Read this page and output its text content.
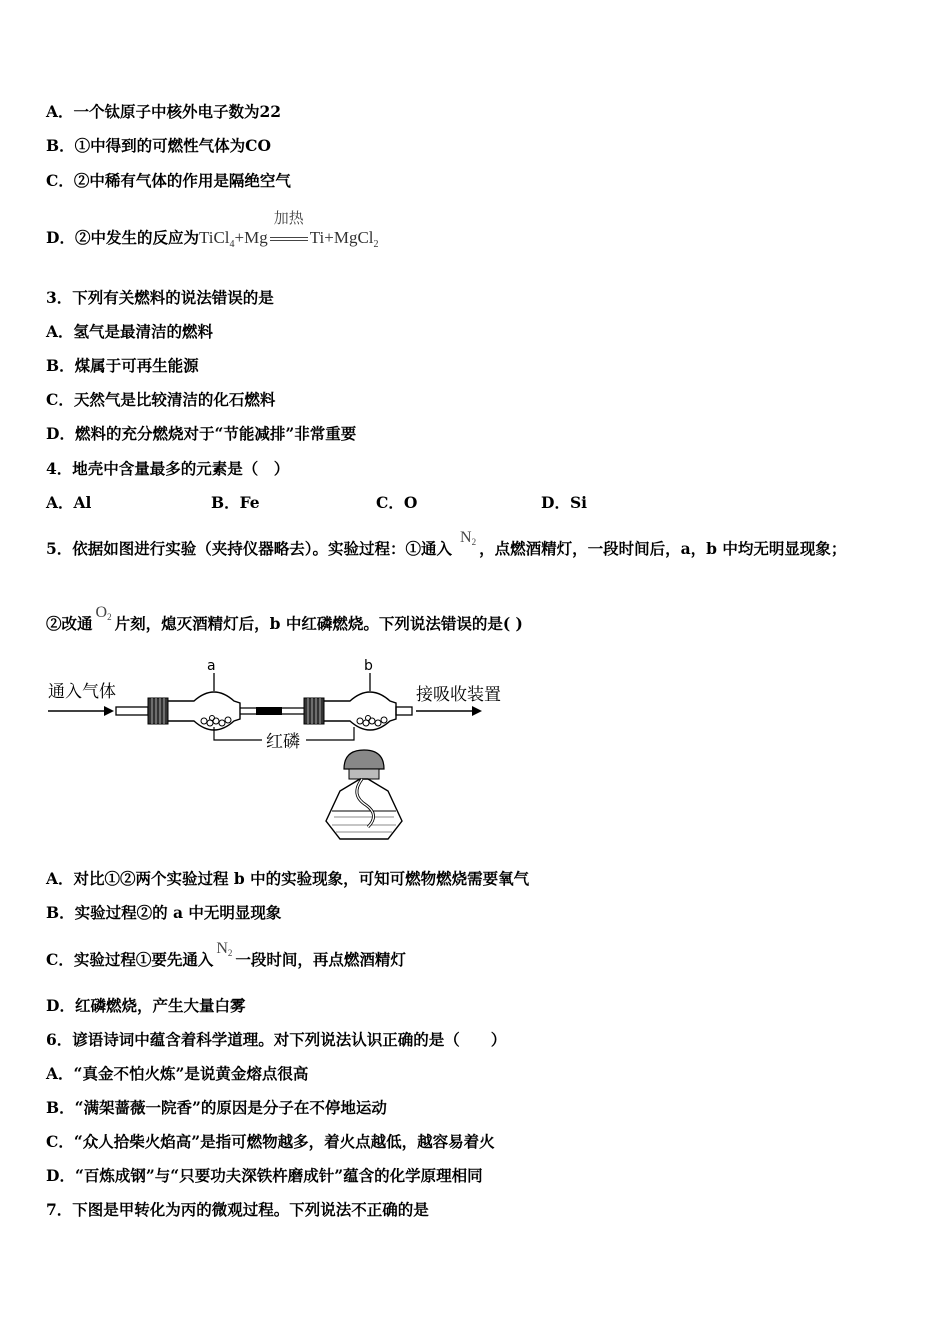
A．一个钛原子中核外电子数为22
B．①中得到的可燃性气体为CO
C．②中稀有气体的作用是隔绝空气
D．②中发生的反应为TiCl$_4$+Mg
加热
Ti+MgCl$_2$
3．下列有关燃料的说法错误的是
A．氢气是最清洁的燃料
B．煤属于可再生能源
C．天然气是比较清洁的化石燃料
D．燃料的充分燃烧对于“节能减排”非常重要
4．地壳中含量最多的元素是（　）
A．Al	B．Fe	C．O	D．Si
5．依据如图进行实验（夹持仪器略去）。实验过程：①通入N2 ，点燃酒精灯，一段时间后，a，b 中均无明显现象；
②改通O2 片刻，熄灭酒精灯后，b 中红磷燃烧。下列说法错误的是( )
通入气体
a	b
接吸收装置
红磷
A．对比①②两个实验过程 b 中的实验现象，可知可燃物燃烧需要氧气
B．实验过程②的 a 中无明显现象
C．实验过程①要先通入N2 一段时间，再点燃酒精灯
D．红磷燃烧，产生大量白雾
6．谚语诗词中蕴含着科学道理。对下列说法认识正确的是（　　）
A．“真金不怕火炼”是说黄金熔点很高
B．“满架蔷薇一院香”的原因是分子在不停地运动
C．“众人拾柴火焰高”是指可燃物越多，着火点越低，越容易着火
D．“百炼成钢”与“只要功夫深铁杵磨成针”蕴含的化学原理相同
7．下图是甲转化为丙的微观过程。下列说法不正确的是
